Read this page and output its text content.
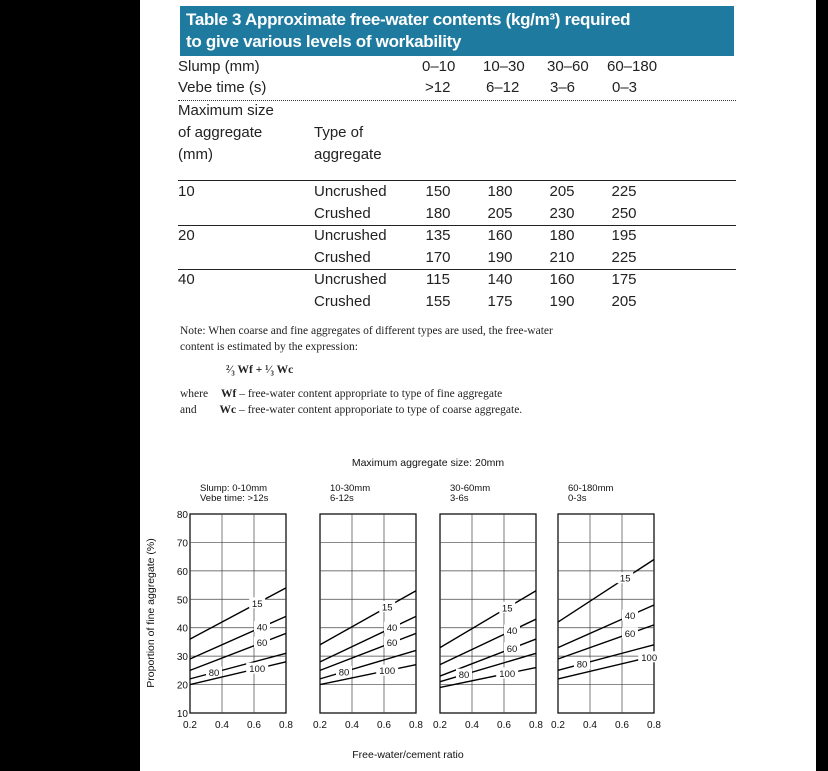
Table 3 Approximate free-water contents (kg/m³) required
to give various levels of workability
Slump (mm)	0–10 10–30 30–60 60–180
Vebe time (s)	>12 6–12 3–6 0–3
Maximum size
of aggregate
(mm)
Type of
aggregate
10	Uncrushed	150 180 205 225
Crushed	180 205 230 250
20	Uncrushed	135 160 180 195
Crushed	170 190 210 225
40	Uncrushed	115	140 160 175
Crushed	155 175 190 205
Note: When coarse and fine aggregates of different types are used, the free-water
content is estimated by the expression:
²⁄₃ Wf + ¹⁄₃ Wc
where Wf – free-water content appropriate to type of fine aggregate
and Wc – free-water content approporiate to type of coarse aggregate.
Maximum aggregate size: 20mm
Free-water/cement ratio
Proportion of fine aggregate (%)
10
20
30
40
50
60
70
80
Slump: 0-10mm
Vebe time: >12s
0.2 0.4 0.6 0.8
15
40
60
80	100
10-30mm
6-12s
0.2 0.4 0.6 0.8
15
40
60
80	100
30-60mm
3-6s
0.2 0.4 0.6 0.8
15
40
60
80	100
60-180mm
0-3s
0.2 0.4 0.6 0.8
15
40
60
80
100
